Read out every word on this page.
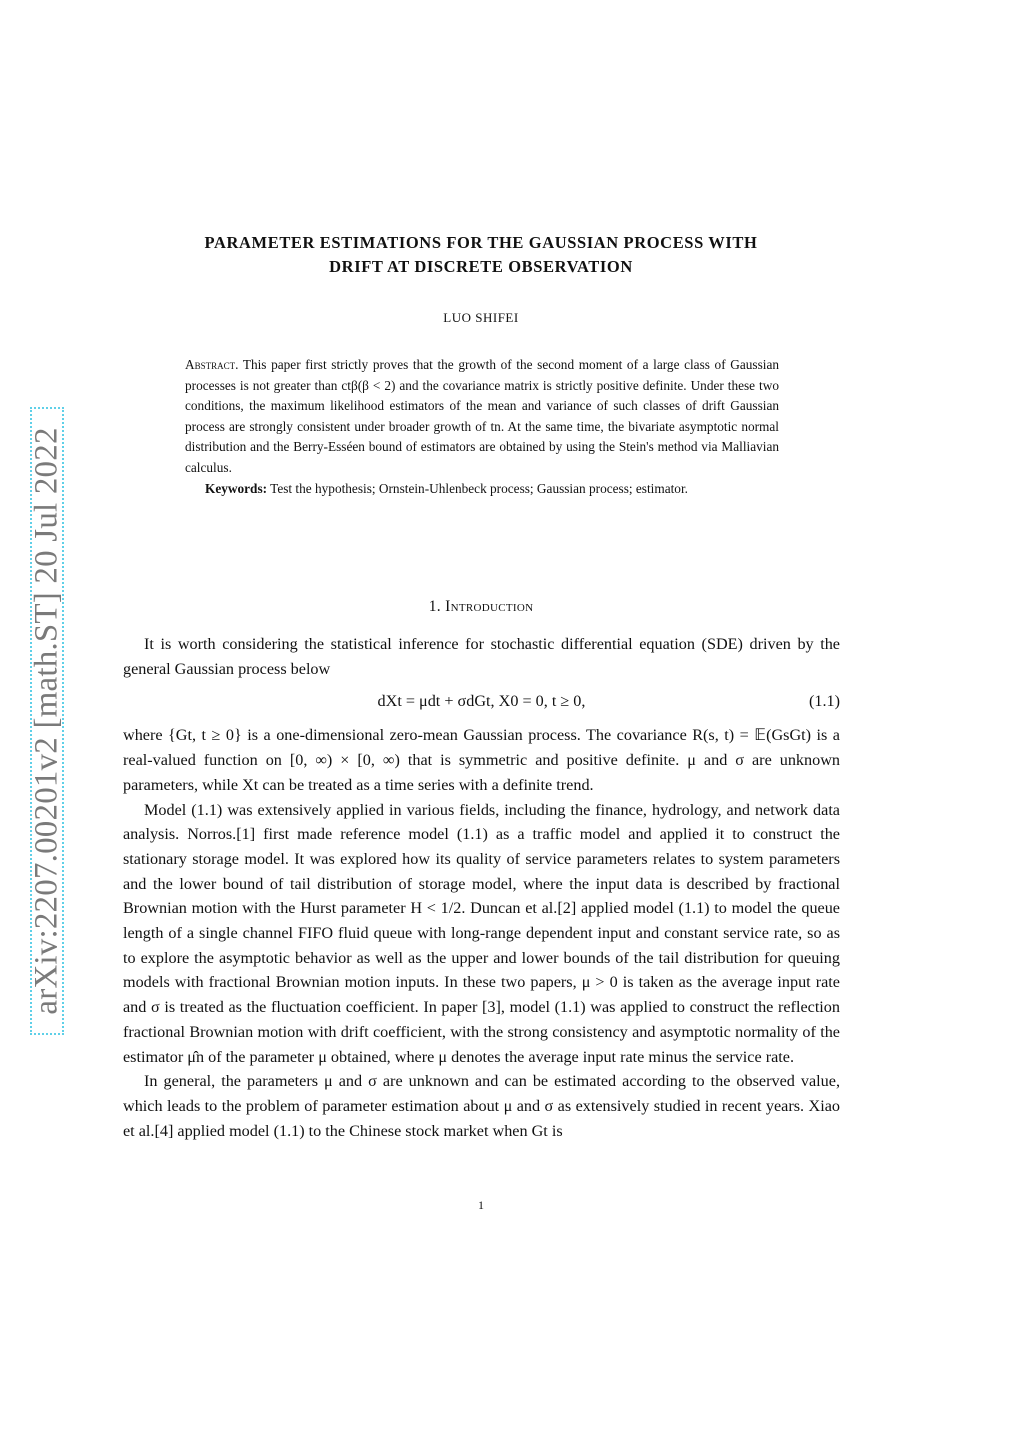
arXiv:2207.00201v2 [math.ST] 20 Jul 2022
PARAMETER ESTIMATIONS FOR THE GAUSSIAN PROCESS WITH
DRIFT AT DISCRETE OBSERVATION
LUO SHIFEI

Abstract. This paper first strictly proves that the growth of the second moment of a large class of Gaussian processes is not greater than ctβ(β < 2) and the covariance matrix is strictly positive definite. Under these two conditions, the maximum likelihood estimators of the mean and variance of such classes of drift Gaussian process are strongly consistent under broader growth of tn. At the same time, the bivariate asymptotic normal distribution and the Berry-Esséen bound of estimators are obtained by using the Stein's method via Malliavian calculus.

Keywords: Test the hypothesis; Ornstein-Uhlenbeck process; Gaussian process; estimator.

1. Introduction

It is worth considering the statistical inference for stochastic differential equation (SDE) driven by the general Gaussian process below

dXt = μdt + σdGt, X0 = 0, t ≥ 0,	(1.1)

where {Gt, t ≥ 0} is a one-dimensional zero-mean Gaussian process. The covariance R(s, t) = 𝔼(GsGt) is a real-valued function on [0, ∞) × [0, ∞) that is symmetric and positive definite. μ and σ are unknown parameters, while Xt can be treated as a time series with a definite trend.

Model (1.1) was extensively applied in various fields, including the finance, hydrology, and network data analysis. Norros.[1] first made reference model (1.1) as a traffic model and applied it to construct the stationary storage model. It was explored how its quality of service parameters relates to system parameters and the lower bound of tail distribution of storage model, where the input data is described by fractional Brownian motion with the Hurst parameter H < 1/2. Duncan et al.[2] applied model (1.1) to model the queue length of a single channel FIFO fluid queue with long-range dependent input and constant service rate, so as to explore the asymptotic behavior as well as the upper and lower bounds of the tail distribution for queuing models with fractional Brownian motion inputs. In these two papers, μ > 0 is taken as the average input rate and σ is treated as the fluctuation coefficient. In paper [3], model (1.1) was applied to construct the reflection fractional Brownian motion with drift coefficient, with the strong consistency and asymptotic normality of the estimator μ̂n of the parameter μ obtained, where μ denotes the average input rate minus the service rate.

In general, the parameters μ and σ are unknown and can be estimated according to the observed value, which leads to the problem of parameter estimation about μ and σ as extensively studied in recent years. Xiao et al.[4] applied model (1.1) to the Chinese stock market when Gt is

1
